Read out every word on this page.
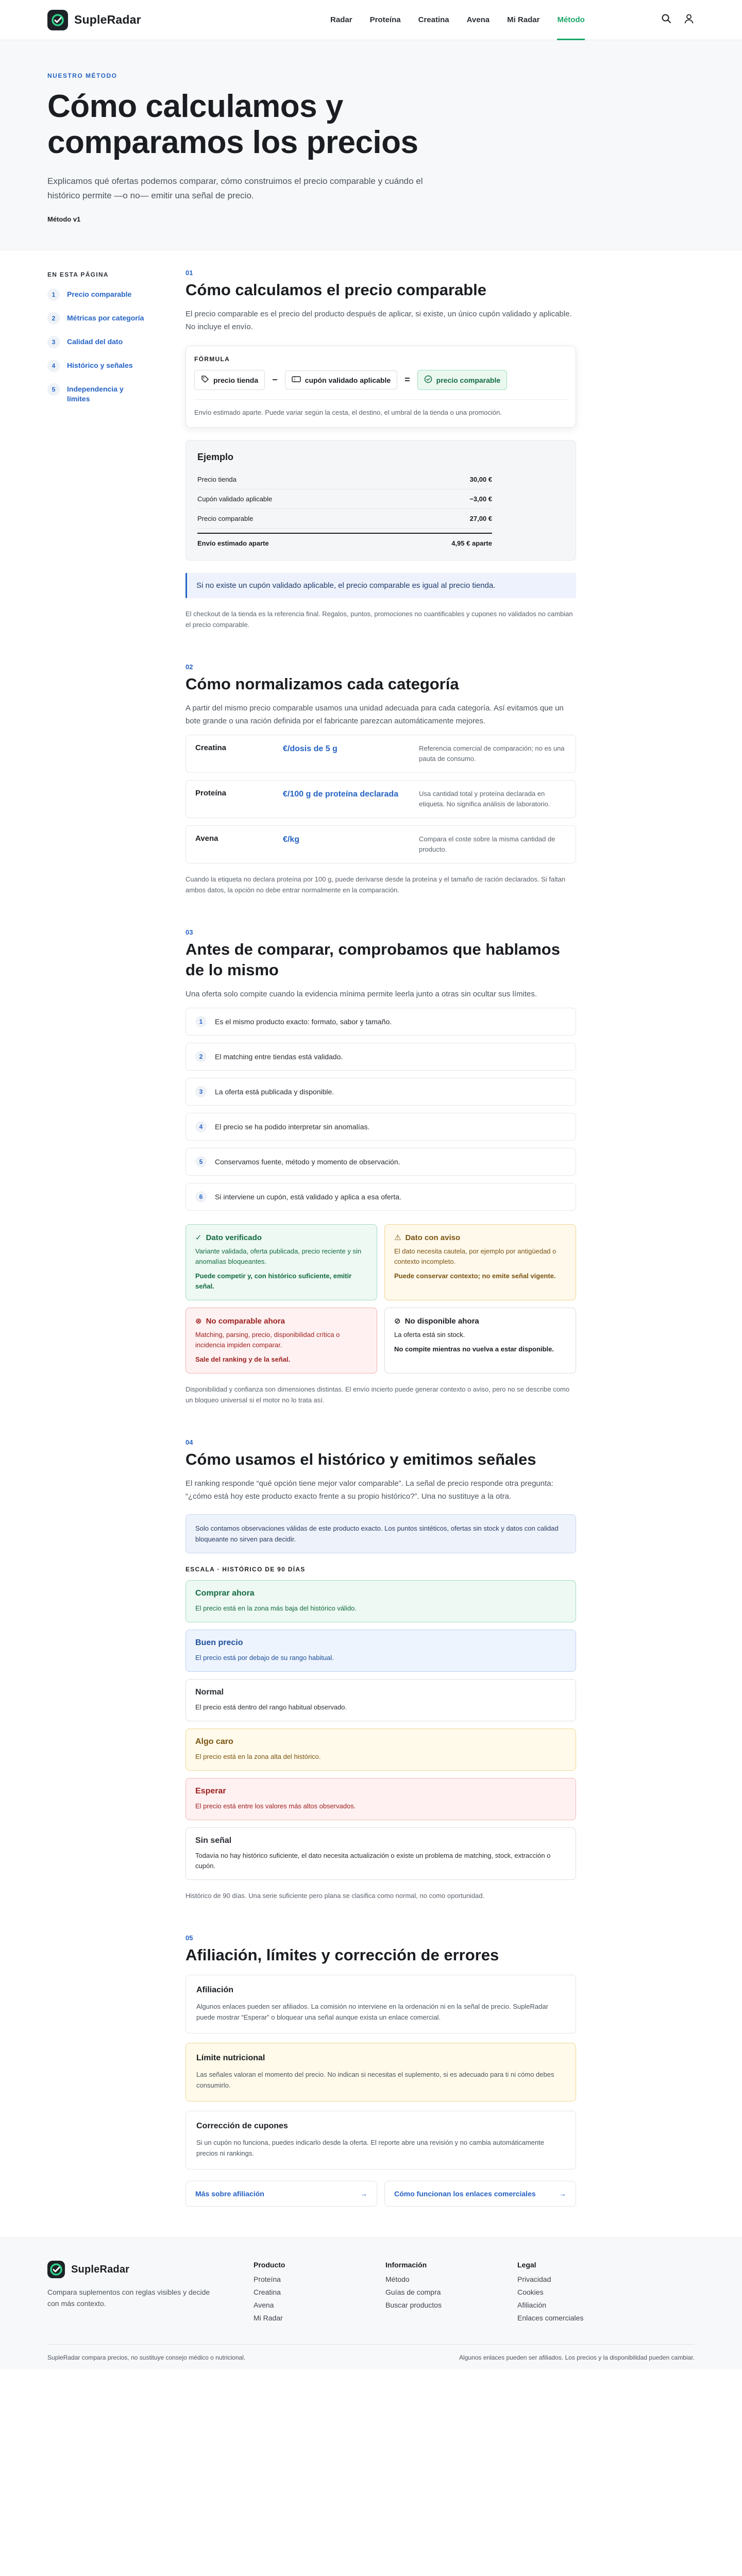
SupleRadar	Radar Proteína Creatina Avena Mi Radar Método
NUESTRO MÉTODO
Cómo calculamos y comparamos los precios

Explicamos qué ofertas podemos comparar, cómo construimos el precio comparable y cuándo el histórico permite —o no— emitir una señal de precio.

Método v1
EN ESTA PÁGINA
1	Precio comparable
2	Métricas por categoría
3	Calidad del dato
4	Histórico y señales
5	Independencia y límites
01
Cómo calculamos el precio comparable

El precio comparable es el precio del producto después de aplicar, si existe, un único cupón validado y aplicable. No incluye el envío.

FÓRMULA
precio tienda −	cupón validado aplicable =	precio comparable

Envío estimado aparte. Puede variar según la cesta, el destino, el umbral de la tienda o una promoción.

Ejemplo
Precio tienda	30,00 €
Cupón validado aplicable	−3,00 €
Precio comparable	27,00 €
Envío estimado aparte	4,95 € aparte
Si no existe un cupón validado aplicable, el precio comparable es igual al precio tienda.

El checkout de la tienda es la referencia final. Regalos, puntos, promociones no cuantificables y cupones no validados no cambian el precio comparable.

02
Cómo normalizamos cada categoría

A partir del mismo precio comparable usamos una unidad adecuada para cada categoría. Así evitamos que un bote grande o una ración definida por el fabricante parezcan automáticamente mejores.

Creatina	€/dosis de 5 g	Referencia comercial de comparación; no es una pauta de consumo.
Proteína	€/100 g de proteína declarada	Usa cantidad total y proteína declarada en etiqueta. No significa análisis de laboratorio.
Avena	€/kg	Compara el coste sobre la misma cantidad de producto.

Cuando la etiqueta no declara proteína por 100 g, puede derivarse desde la proteína y el tamaño de ración declarados. Si faltan ambos datos, la opción no debe entrar normalmente en la comparación.

03
Antes de comparar, comprobamos que hablamos de lo mismo

Una oferta solo compite cuando la evidencia mínima permite leerla junto a otras sin ocultar sus límites.

1	Es el mismo producto exacto: formato, sabor y tamaño.
2	El matching entre tiendas está validado.
3	La oferta está publicada y disponible.
4	El precio se ha podido interpretar sin anomalías.
5	Conservamos fuente, método y momento de observación.
6	Si interviene un cupón, está validado y aplica a esa oferta.
✓ Dato verificado

Variante validada, oferta publicada, precio reciente y sin anomalías bloqueantes.

Puede competir y, con histórico suficiente, emitir señal.

⚠ Dato con aviso

El dato necesita cautela, por ejemplo por antigüedad o contexto incompleto.

Puede conservar contexto; no emite señal vigente.

⊗ No comparable ahora

Matching, parsing, precio, disponibilidad crítica o incidencia impiden comparar.

Sale del ranking y de la señal.

⊘ No disponible ahora

La oferta está sin stock.

No compite mientras no vuelva a estar disponible.

Disponibilidad y confianza son dimensiones distintas. El envío incierto puede generar contexto o aviso, pero no se describe como un bloqueo universal si el motor no lo trata así.

04
Cómo usamos el histórico y emitimos señales

El ranking responde “qué opción tiene mejor valor comparable”. La señal de precio responde otra pregunta: “¿cómo está hoy este producto exacto frente a su propio histórico?”. Una no sustituye a la otra.

Solo contamos observaciones válidas de este producto exacto. Los puntos sintéticos, ofertas sin stock y datos con calidad bloqueante no sirven para decidir.
ESCALA · HISTÓRICO DE 90 DÍAS
Comprar ahora

El precio está en la zona más baja del histórico válido.

Buen precio

El precio está por debajo de su rango habitual.

Normal

El precio está dentro del rango habitual observado.

Algo caro

El precio está en la zona alta del histórico.

Esperar

El precio está entre los valores más altos observados.

Sin señal

Todavía no hay histórico suficiente, el dato necesita actualización o existe un problema de matching, stock, extracción o cupón.

Histórico de 90 días. Una serie suficiente pero plana se clasifica como normal, no como oportunidad.

05
Afiliación, límites y corrección de errores
Afiliación

Algunos enlaces pueden ser afiliados. La comisión no interviene en la ordenación ni en la señal de precio. SupleRadar puede mostrar “Esperar” o bloquear una señal aunque exista un enlace comercial.

Límite nutricional

Las señales valoran el momento del precio. No indican si necesitas el suplemento, si es adecuado para ti ni cómo debes consumirlo.

Corrección de cupones

Si un cupón no funciona, puedes indicarlo desde la oferta. El reporte abre una revisión y no cambia automáticamente precios ni rankings.

Más sobre afiliación	→	Cómo funcionan los enlaces comerciales	→
SupleRadar

Compara suplementos con reglas visibles y decide con más contexto.

Producto
Proteína
Creatina
Avena
Mi Radar
Información
Método
Guías de compra
Buscar productos
Legal
Privacidad
Cookies
Afiliación
Enlaces comerciales
SupleRadar compara precios, no sustituye consejo médico o nutricional.	Algunos enlaces pueden ser afiliados. Los precios y la disponibilidad pueden cambiar.
